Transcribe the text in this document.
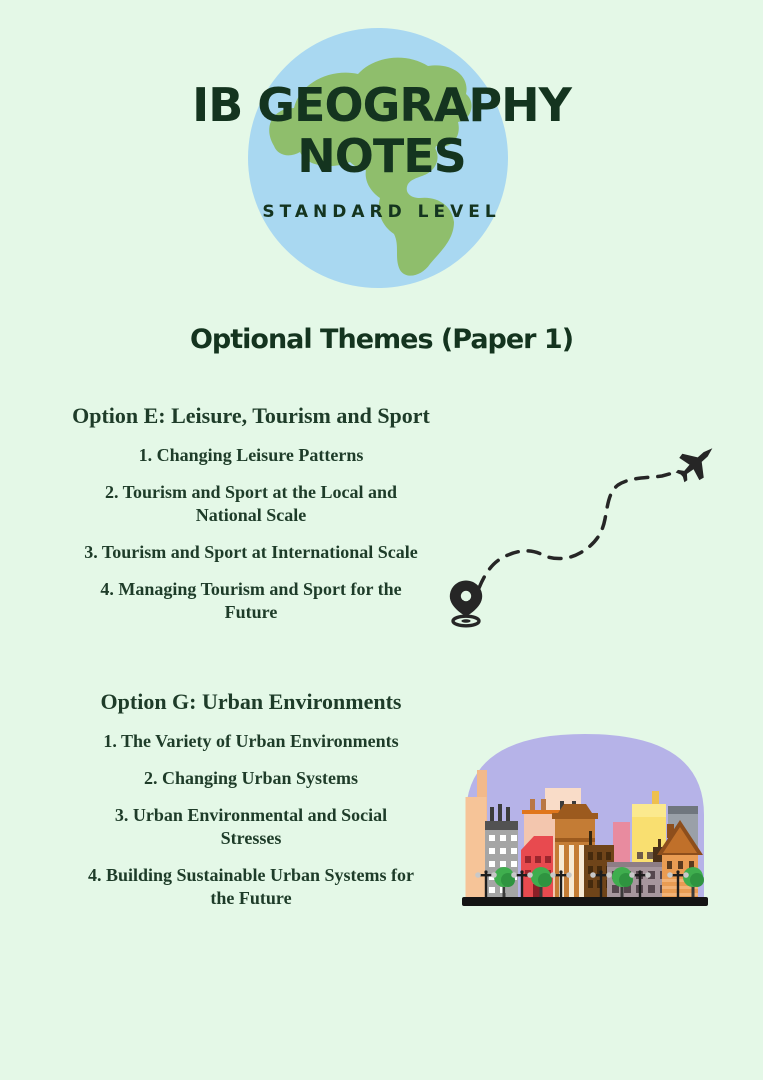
IB GEOGRAPHY
NOTES
STANDARD LEVEL
Optional Themes (Paper 1)
Option E: Leisure, Tourism and Sport

1. Changing Leisure Patterns

2. Tourism and Sport at the Local and National Scale

3. Tourism and Sport at International Scale

4. Managing Tourism and Sport for the Future

Option G: Urban Environments

1. The Variety of Urban Environments

2. Changing Urban Systems

3. Urban Environmental and Social Stresses

4. Building Sustainable Urban Systems for the Future
